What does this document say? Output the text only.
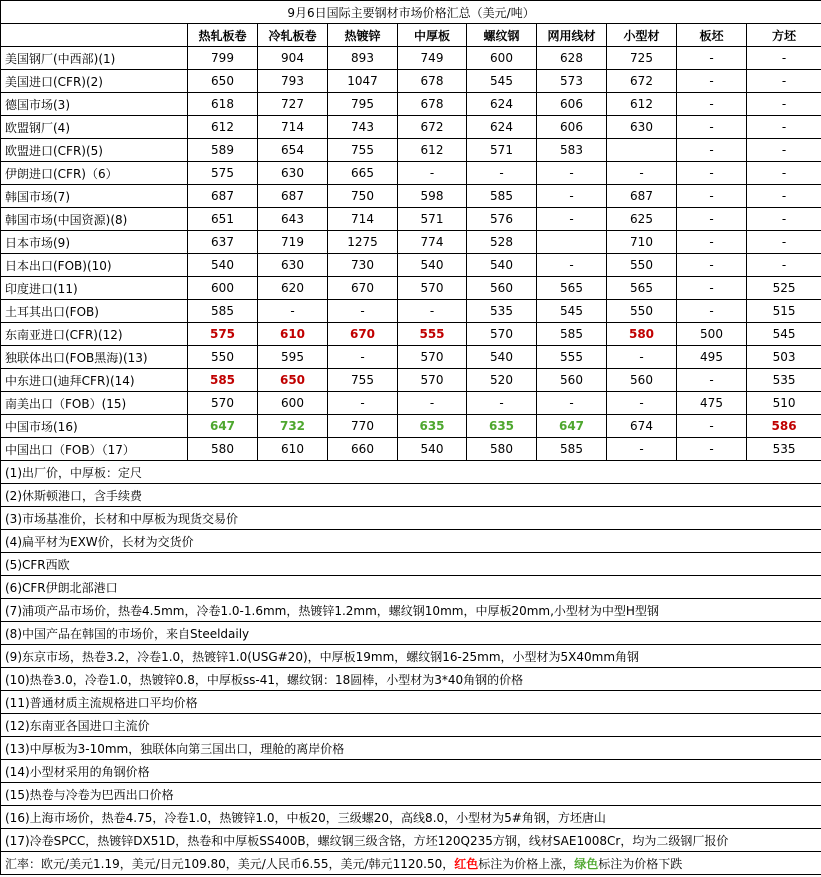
9月6日国际主要钢材市场价格汇总（美元/吨）									
	热轧板卷	冷轧板卷	热镀锌	中厚板	螺纹钢	网用线材	小型材	板坯	方坯
美国钢厂(中西部)(1)	799	904	893	749	600	628	725	-	-
美国进口(CFR)(2)	650	793	1047	678	545	573	672	-	-
德国市场(3)	618	727	795	678	624	606	612	-	-
欧盟钢厂(4)	612	714	743	672	624	606	630	-	-
欧盟进口(CFR)(5)	589	654	755	612	571	583		-	-
伊朗进口(CFR)（6）	575	630	665	-	-	-	-	-	-
韩国市场(7)	687	687	750	598	585	-	687	-	-
韩国市场(中国资源)(8)	651	643	714	571	576	-	625	-	-
日本市场(9)	637	719	1275	774	528		710	-	-
日本出口(FOB)(10)	540	630	730	540	540	-	550	-	-
印度进口(11)	600	620	670	570	560	565	565	-	525
土耳其出口(FOB)	585	-	-	-	535	545	550	-	515
东南亚进口(CFR)(12)	575	610	670	555	570	585	580	500	545
独联体出口(FOB黑海)(13)	550	595	-	570	540	555	-	495	503
中东进口(迪拜CFR)(14)	585	650	755	570	520	560	560	-	535
南美出口（FOB）(15)	570	600	-	-	-	-	-	475	510
中国市场(16)	647	732	770	635	635	647	674	-	586
中国出口（FOB）（17）	580	610	660	540	580	585	-	-	535
(1)出厂价，中厚板：定尺									
(2)休斯顿港口，含手续费									
(3)市场基准价，长材和中厚板为现货交易价									
(4)扁平材为EXW价，长材为交货价									
(5)CFR西欧									
(6)CFR伊朗北部港口									
(7)浦项产品市场价，热卷4.5mm，冷卷1.0-1.6mm，热镀锌1.2mm，螺纹钢10mm，中厚板20mm,小型材为中型H型钢									
(8)中国产品在韩国的市场价，来自Steeldaily									
(9)东京市场，热卷3.2，冷卷1.0，热镀锌1.0(USG#20)，中厚板19mm，螺纹钢16-25mm，小型材为5X40mm角钢									
(10)热卷3.0，冷卷1.0，热镀锌0.8，中厚板ss-41，螺纹钢：18圆棒，小型材为3*40角钢的价格									
(11)普通材质主流规格进口平均价格									
(12)东南亚各国进口主流价									
(13)中厚板为3-10mm，独联体向第三国出口，理舱的离岸价格									
(14)小型材采用的角钢价格									
(15)热卷与冷卷为巴西出口价格									
(16)上海市场价，热卷4.75，冷卷1.0，热镀锌1.0，中板20，三级螺20，高线8.0，小型材为5#角钢，方坯唐山									
(17)冷卷SPCC，热镀锌DX51D，热卷和中厚板SS400B，螺纹钢三级含铬，方坯120Q235方钢，线材SAE1008Cr，均为二级钢厂报价									
汇率：欧元/美元1.19，美元/日元109.80，美元/人民币6.55，美元/韩元1120.50，红色标注为价格上涨，绿色标注为价格下跌									
